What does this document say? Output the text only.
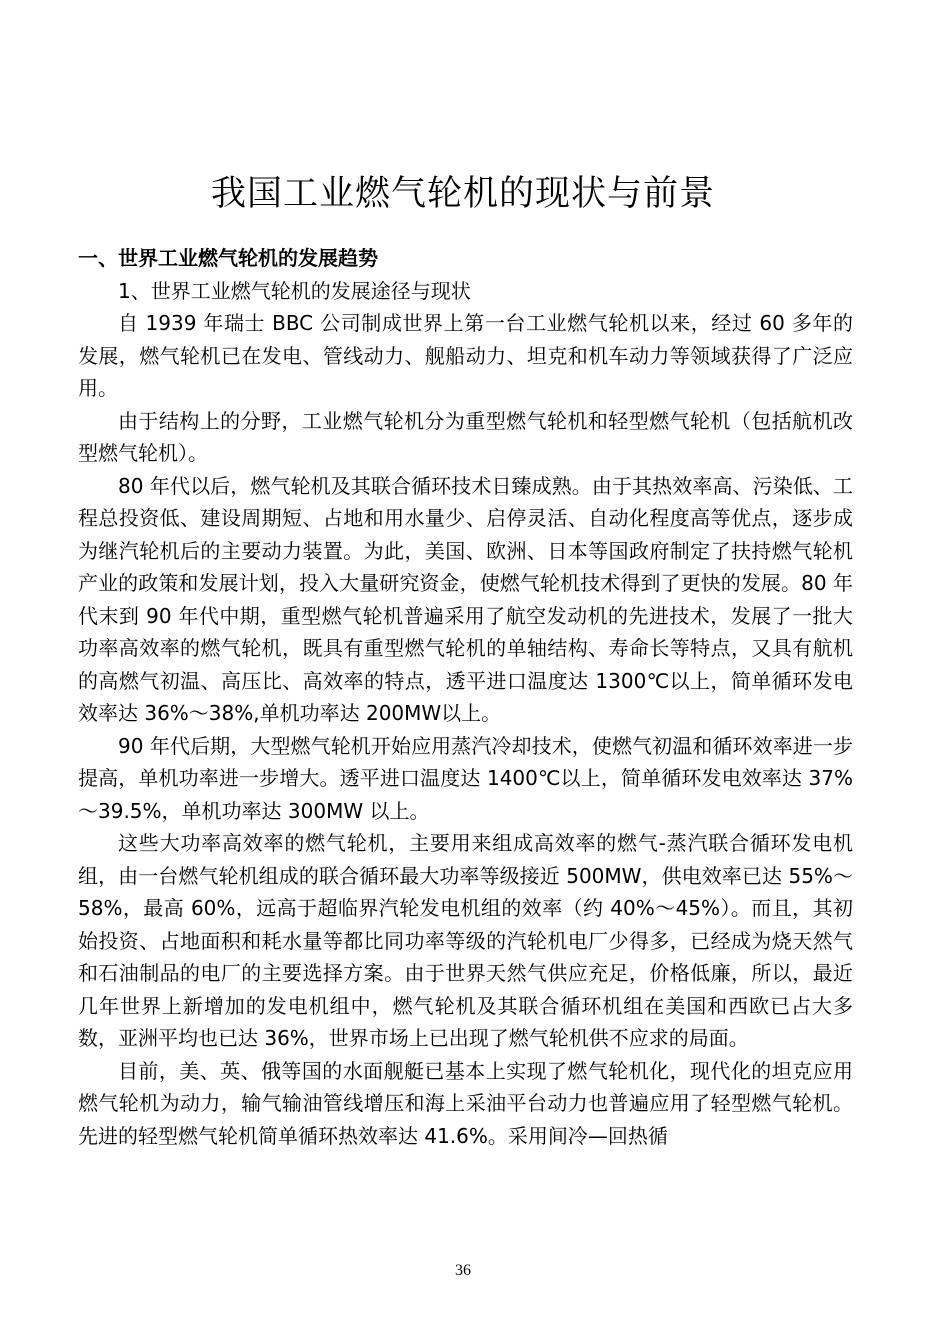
我国工业燃气轮机的现状与前景

一、世界工业燃气轮机的发展趋势

1、世界工业燃气轮机的发展途径与现状

自 1939 年瑞士 BBC 公司制成世界上第一台工业燃气轮机以来，经过 60 多年的发展，燃气轮机已在发电、管线动力、舰船动力、坦克和机车动力等领域获得了广泛应用。

由于结构上的分野，工业燃气轮机分为重型燃气轮机和轻型燃气轮机（包括航机改型燃气轮机）。

80 年代以后，燃气轮机及其联合循环技术日臻成熟。由于其热效率高、污染低、工程总投资低、建设周期短、占地和用水量少、启停灵活、自动化程度高等优点，逐步成为继汽轮机后的主要动力装置。为此，美国、欧洲、日本等国政府制定了扶持燃气轮机产业的政策和发展计划，投入大量研究资金，使燃气轮机技术得到了更快的发展。80 年代末到 90 年代中期，重型燃气轮机普遍采用了航空发动机的先进技术，发展了一批大功率高效率的燃气轮机，既具有重型燃气轮机的单轴结构、寿命长等特点，又具有航机的高燃气初温、高压比、高效率的特点，透平进口温度达 1300℃以上，简单循环发电效率达 36%～38%,单机功率达 200MW以上。

90 年代后期，大型燃气轮机开始应用蒸汽冷却技术，使燃气初温和循环效率进一步提高，单机功率进一步增大。透平进口温度达 1400℃以上，简单循环发电效率达 37%～39.5%，单机功率达 300MW 以上。

这些大功率高效率的燃气轮机，主要用来组成高效率的燃气-蒸汽联合循环发电机组，由一台燃气轮机组成的联合循环最大功率等级接近 500MW，供电效率已达 55%～58%，最高 60%，远高于超临界汽轮发电机组的效率（约 40%～45%）。而且，其初始投资、占地面积和耗水量等都比同功率等级的汽轮机电厂少得多，已经成为烧天然气和石油制品的电厂的主要选择方案。由于世界天然气供应充足，价格低廉，所以，最近几年世界上新增加的发电机组中，燃气轮机及其联合循环机组在美国和西欧已占大多数，亚洲平均也已达 36%，世界市场上已出现了燃气轮机供不应求的局面。

目前，美、英、俄等国的水面舰艇已基本上实现了燃气轮机化，现代化的坦克应用燃气轮机为动力，输气输油管线增压和海上采油平台动力也普遍应用了轻型燃气轮机。先进的轻型燃气轮机简单循环热效率达 41.6%。采用间冷—回热循

36
